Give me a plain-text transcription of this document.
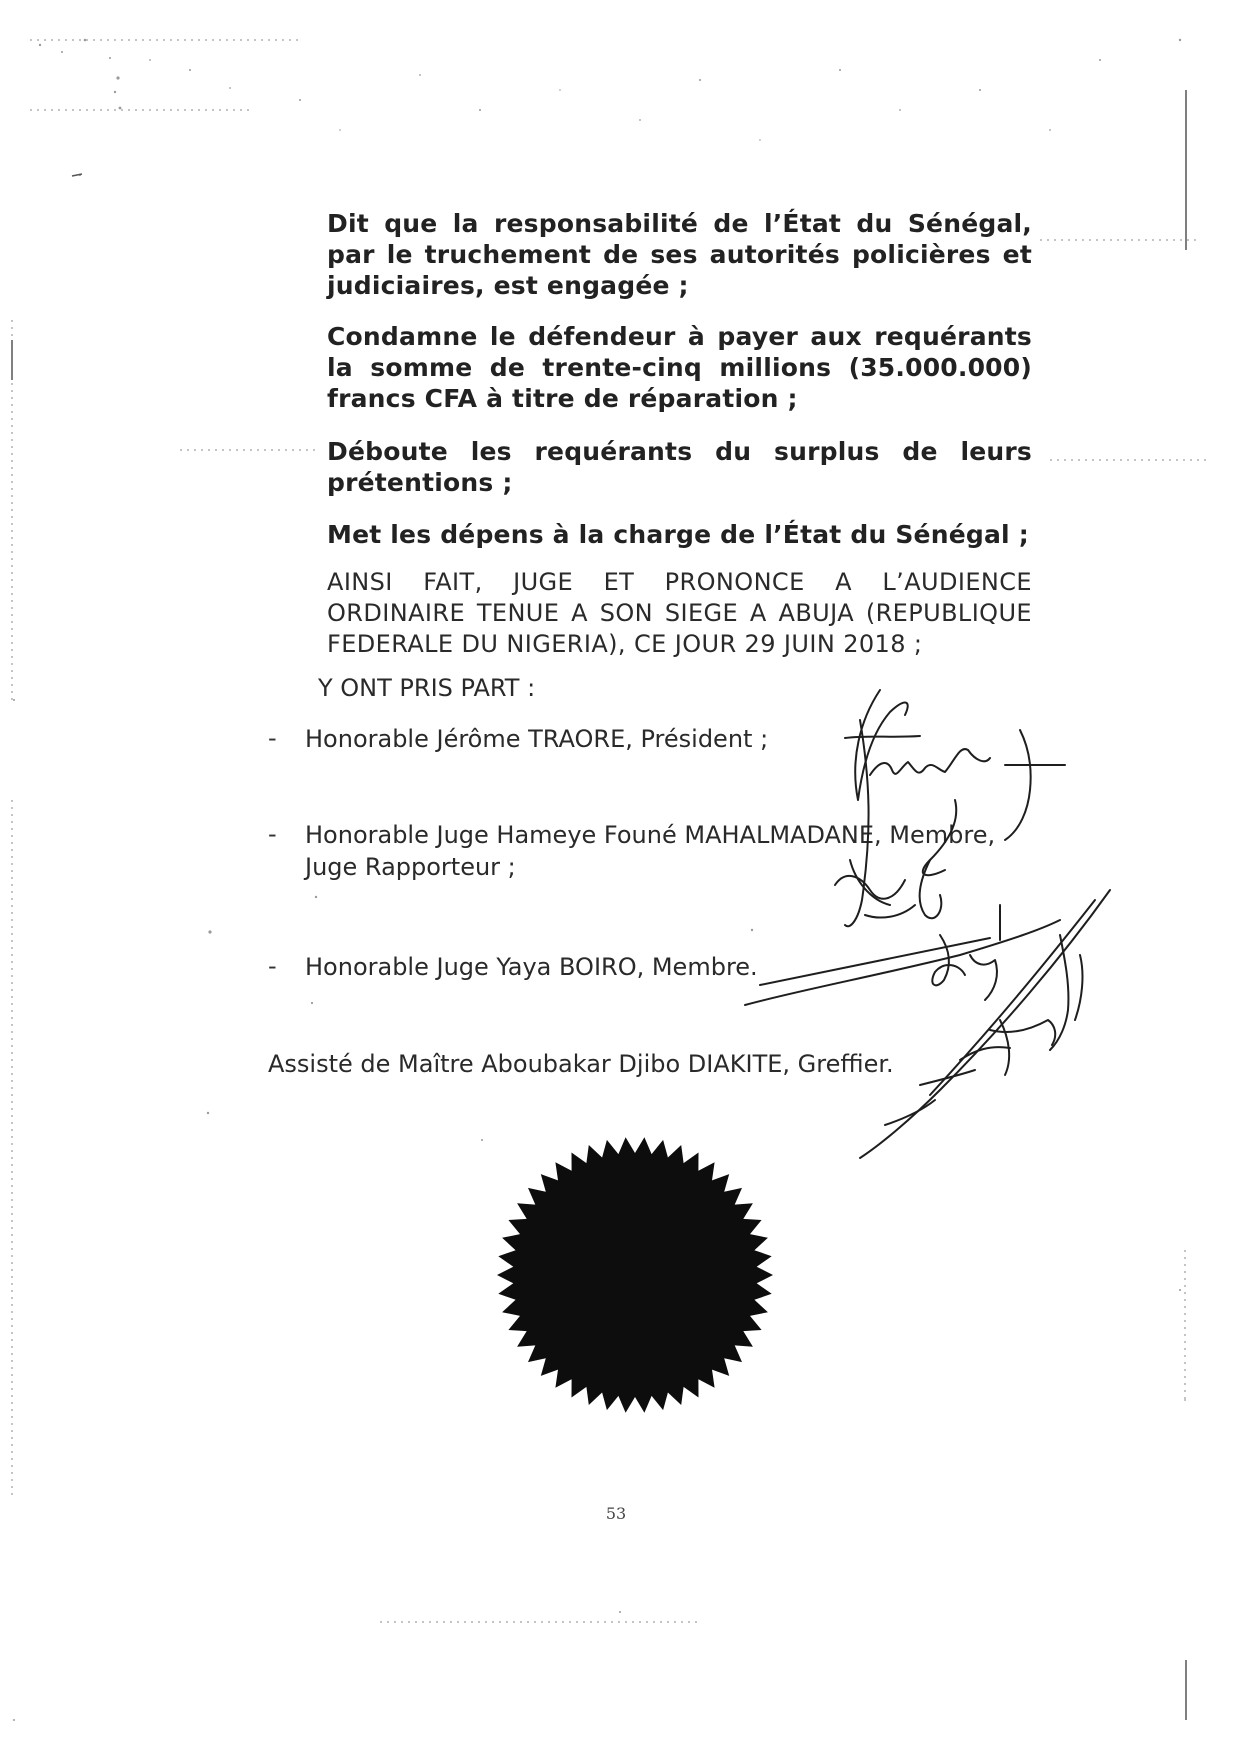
Dit que la responsabilité de l’État du Sénégal, par le truchement de ses autorités policières et judiciaires, est engagée ;
Condamne le défendeur à payer aux requérants la somme de trente-cinq millions (35.000.000) francs CFA à titre de réparation ;
Déboute les requérants du surplus de leurs prétentions ;
Met les dépens à la charge de l’État du Sénégal ;
AINSI FAIT, JUGE ET PRONONCE A L’AUDIENCE ORDINAIRE TENUE A SON SIEGE A ABUJA (REPUBLIQUE FEDERALE DU NIGERIA), CE JOUR 29 JUIN 2018 ;
Y ONT PRIS PART :
- Honorable Jérôme TRAORE, Président ;
- Honorable Juge Hameye Founé MAHALMADANE, Membre,
Juge Rapporteur ;
- Honorable Juge Yaya BOIRO, Membre.
Assisté de Maître Aboubakar Djibo DIAKITE, Greffier.
53
